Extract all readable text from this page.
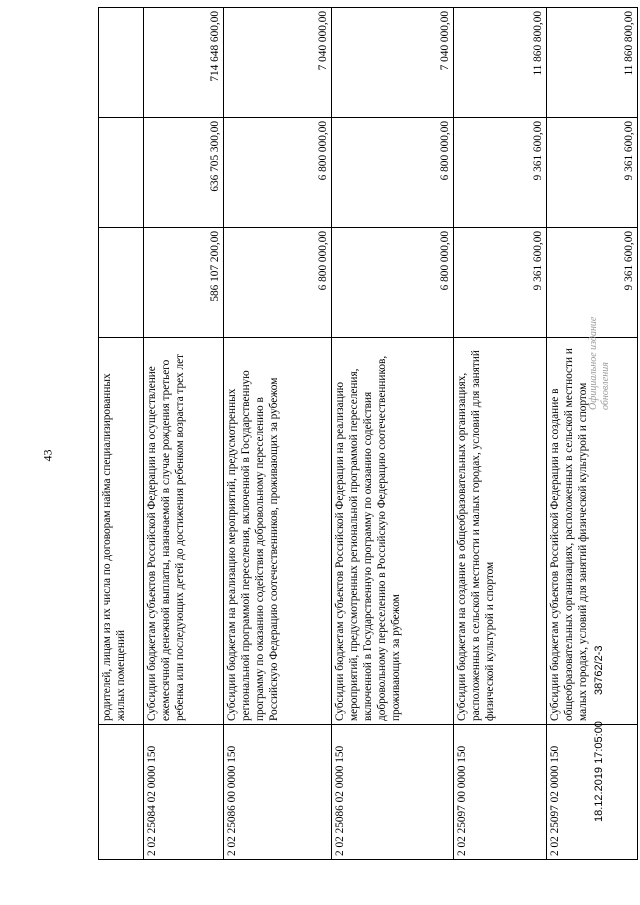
43
		родителей, лицам из их числа по договорам найма специализированных жилых помещений			
2 02 25084 02 0000 150	Субсидии бюджетам субъектов Российской Федерации на осуществление ежемесячной денежной выплаты, назначаемой в случае рождения третьего ребенка или последующих детей до достижения ребенком возраста трех лет	586 107 200,00	636 705 300,00	714 648 600,00
2 02 25086 00 0000 150	Субсидии бюджетам на реализацию мероприятий, предусмотренных региональной программой переселения, включенной в Государственную программу по оказанию содействия добровольному переселению в Российскую Федерацию соотечественников, проживающих за рубежом	6 800 000,00	6 800 000,00	7 040 000,00
2 02 25086 02 0000 150	Субсидии бюджетам субъектов Российской Федерации на реализацию мероприятий, предусмотренных региональной программой переселения, включенной в Государственную программу по оказанию содействия добровольному переселению в Российскую Федерацию соотечественников, проживающих за рубежом	6 800 000,00	6 800 000,00	7 040 000,00
2 02 25097 00 0000 150	Субсидии бюджетам на создание в общеобразовательных организациях, расположенных в сельской местности и малых городах, условий для занятий физической культурой и спортом	9 361 600,00	9 361 600,00	11 860 800,00
2 02 25097 02 0000 150	Субсидии бюджетам субъектов Российской Федерации на создание в общеобразовательных организациях, расположенных в сельской местности и малых городах, условий для занятий физической культурой и спортом	9 361 600,00	9 361 600,00	11 860 800,00
18.12.2019 17:05:00
38762/2-3
Официальное издание обновления
